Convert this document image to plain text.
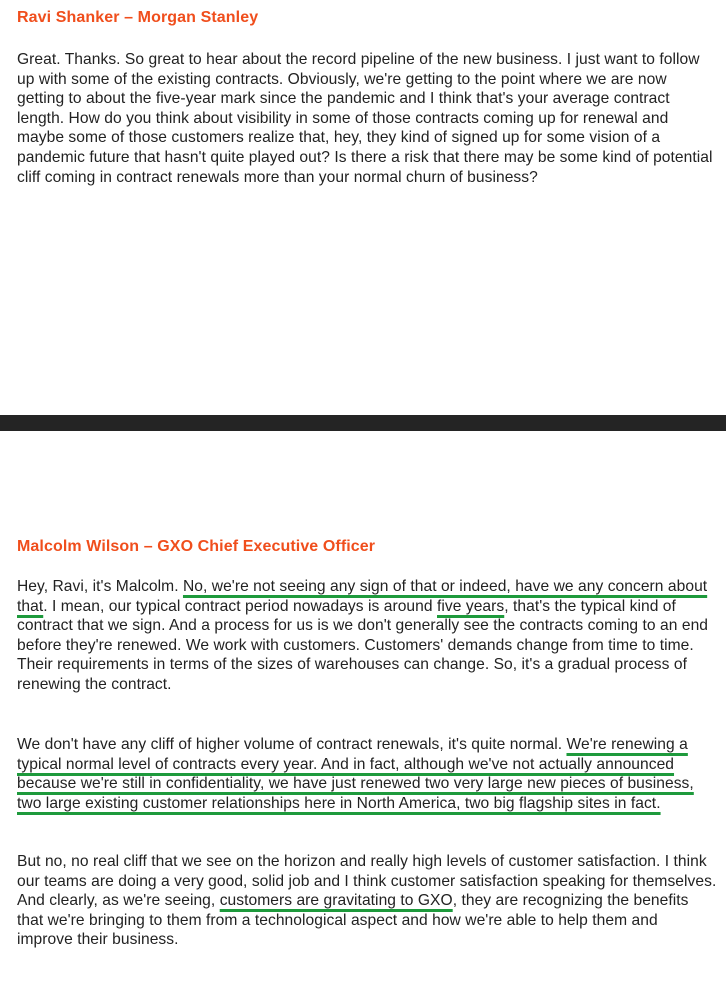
Ravi Shanker – Morgan Stanley

Great. Thanks. So great to hear about the record pipeline of the new business. I just want to follow up with some of the existing contracts. Obviously, we're getting to the point where we are now getting to about the five-year mark since the pandemic and I think that's your average contract length. How do you think about visibility in some of those contracts coming up for renewal and maybe some of those customers realize that, hey, they kind of signed up for some vision of a pandemic future that hasn't quite played out? Is there a risk that there may be some kind of potential cliff coming in contract renewals more than your normal churn of business?

Malcolm Wilson – GXO Chief Executive Officer

Hey, Ravi, it's Malcolm. No, we're not seeing any sign of that or indeed, have we any concern about that. I mean, our typical contract period nowadays is around five years, that's the typical kind of contract that we sign. And a process for us is we don't generally see the contracts coming to an end before they're renewed. We work with customers. Customers' demands change from time to time. Their requirements in terms of the sizes of warehouses can change. So, it's a gradual process of renewing the contract.

We don't have any cliff of higher volume of contract renewals, it's quite normal. We're renewing a typical normal level of contracts every year. And in fact, although we've not actually announced because we're still in confidentiality, we have just renewed two very large new pieces of business, two large existing customer relationships here in North America, two big flagship sites in fact.

But no, no real cliff that we see on the horizon and really high levels of customer satisfaction. I think our teams are doing a very good, solid job and I think customer satisfaction speaking for themselves. And clearly, as we're seeing, customers are gravitating to GXO, they are recognizing the benefits that we're bringing to them from a technological aspect and how we're able to help them and improve their business.
